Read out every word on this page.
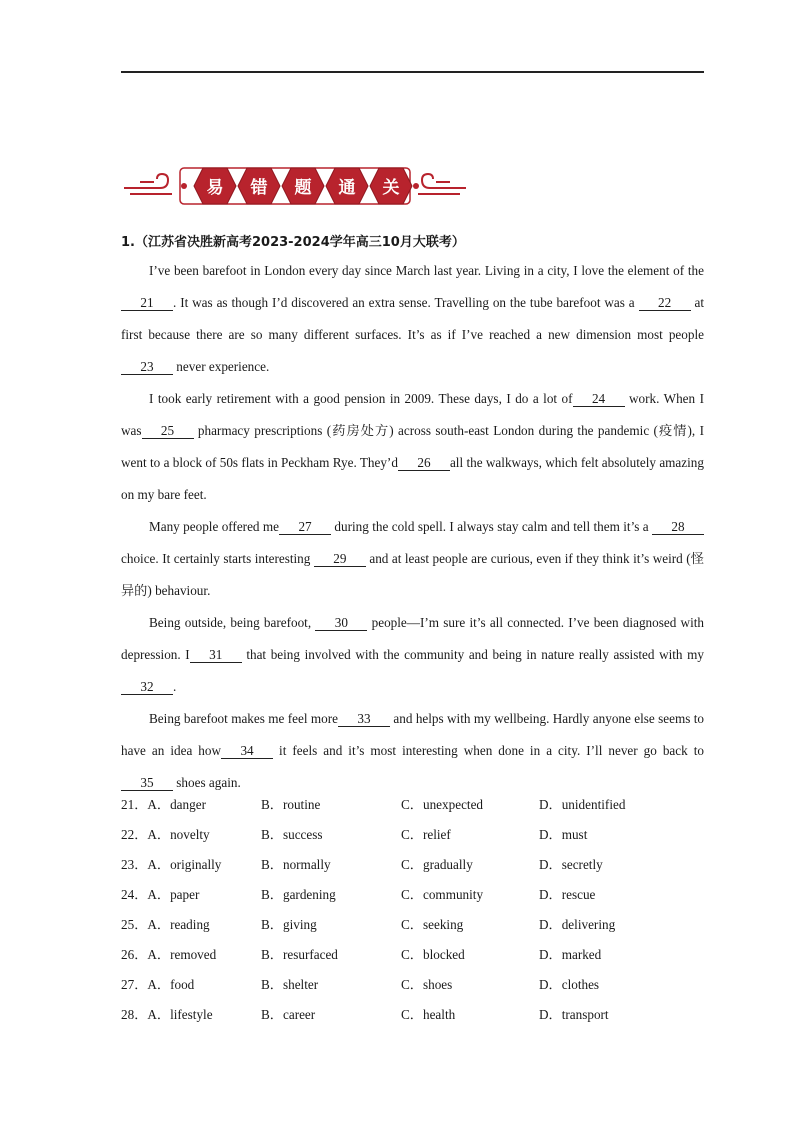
易 错 题 通 关
1.（江苏省决胜新高考2023-2024学年高三10月大联考）

I’ve been barefoot in London every day since March last year. Living in a city, I love the element of the21 . It was as though I’d discovered an extra sense. Travelling on the tube barefoot was a 22 at first because there are so many different surfaces. It’s as if I’ve reached a new dimension most people23 never experience.

I took early retirement with a good pension in 2009. These days, I do a lot of 24 work. When I was 25 pharmacy prescriptions (药房处方) across south-east London during the pandemic (疫情), I went to a block of 50s flats in Peckham Rye. They’d 26 all the walkways, which felt absolutely amazing on my bare feet.

Many people offered me 27 during the cold spell. I always stay calm and tell them it’s a 28 choice. It certainly starts interesting 29 and at least people are curious, even if they think it’s weird (怪异的) behaviour.

Being outside, being barefoot, 30 people—I’m sure it’s all connected. I’ve been diagnosed with depression. I 31 that being involved with the community and being in nature really assisted with my 32 .

Being barefoot makes me feel more 33 and helps with my wellbeing. Hardly anyone else seems to have an idea how 34 it feels and it’s most interesting when done in a city. I’ll never go back to35 shoes again.

21．A．danger	B．routine	C．unexpected	D．unidentified
22．A．novelty	B．success	C．relief	D．must
23．A．originally	B．normally	C．gradually	D．secretly
24．A．paper	B．gardening	C．community	D．rescue
25．A．reading	B．giving	C．seeking	D．delivering
26．A．removed	B．resurfaced	C．blocked	D．marked
27．A．food	B．shelter	C．shoes	D．clothes
28．A．lifestyle	B．career	C．health	D．transport
